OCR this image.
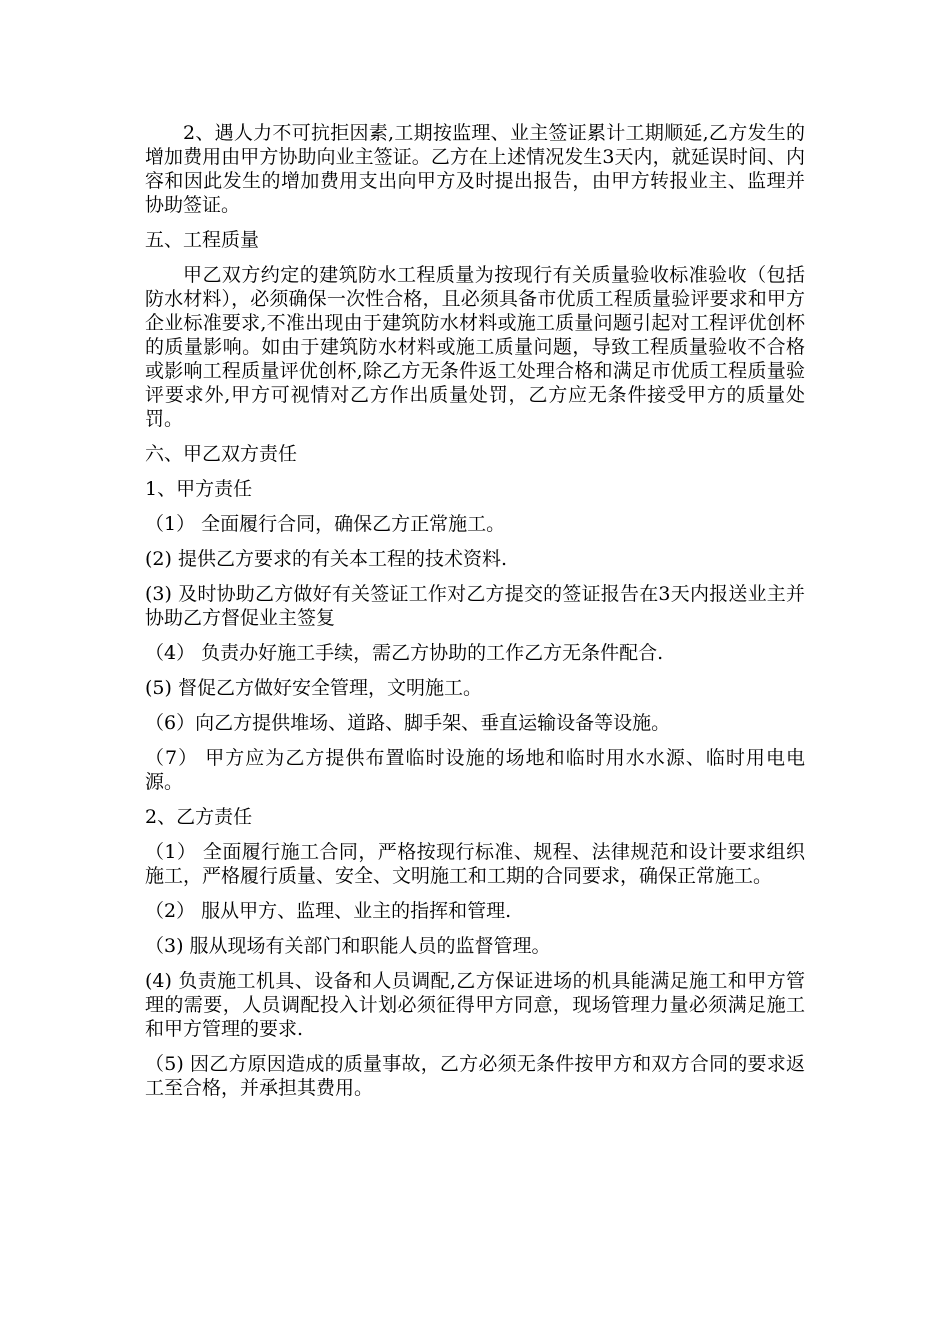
2、遇人力不可抗拒因素,工期按监理、业主签证累计工期顺延,乙方发生的增加费用由甲方协助向业主签证。乙方在上述情况发生3天内，就延误时间、内容和因此发生的增加费用支出向甲方及时提出报告，由甲方转报业主、监理并协助签证。

五、工程质量

甲乙双方约定的建筑防水工程质量为按现行有关质量验收标准验收（包括防水材料），必须确保一次性合格，且必须具备市优质工程质量验评要求和甲方企业标准要求,不准出现由于建筑防水材料或施工质量问题引起对工程评优创杯的质量影响。如由于建筑防水材料或施工质量问题，导致工程质量验收不合格或影响工程质量评优创杯,除乙方无条件返工处理合格和满足市优质工程质量验评要求外,甲方可视情对乙方作出质量处罚，乙方应无条件接受甲方的质量处罚。

六、甲乙双方责任

1、甲方责任

（1） 全面履行合同，确保乙方正常施工。

(2) 提供乙方要求的有关本工程的技术资料.

(3) 及时协助乙方做好有关签证工作对乙方提交的签证报告在3天内报送业主并协助乙方督促业主签复

（4） 负责办好施工手续，需乙方协助的工作乙方无条件配合.

(5) 督促乙方做好安全管理，文明施工。

（6）向乙方提供堆场、道路、脚手架、垂直运输设备等设施。

（7） 甲方应为乙方提供布置临时设施的场地和临时用水水源、临时用电电源。

2、乙方责任

（1） 全面履行施工合同，严格按现行标准、规程、法律规范和设计要求组织施工，严格履行质量、安全、文明施工和工期的合同要求，确保正常施工。

（2） 服从甲方、监理、业主的指挥和管理.

（3) 服从现场有关部门和职能人员的监督管理。

(4) 负责施工机具、设备和人员调配,乙方保证进场的机具能满足施工和甲方管理的需要，人员调配投入计划必须征得甲方同意，现场管理力量必须满足施工和甲方管理的要求.

（5) 因乙方原因造成的质量事故，乙方必须无条件按甲方和双方合同的要求返工至合格，并承担其费用。
